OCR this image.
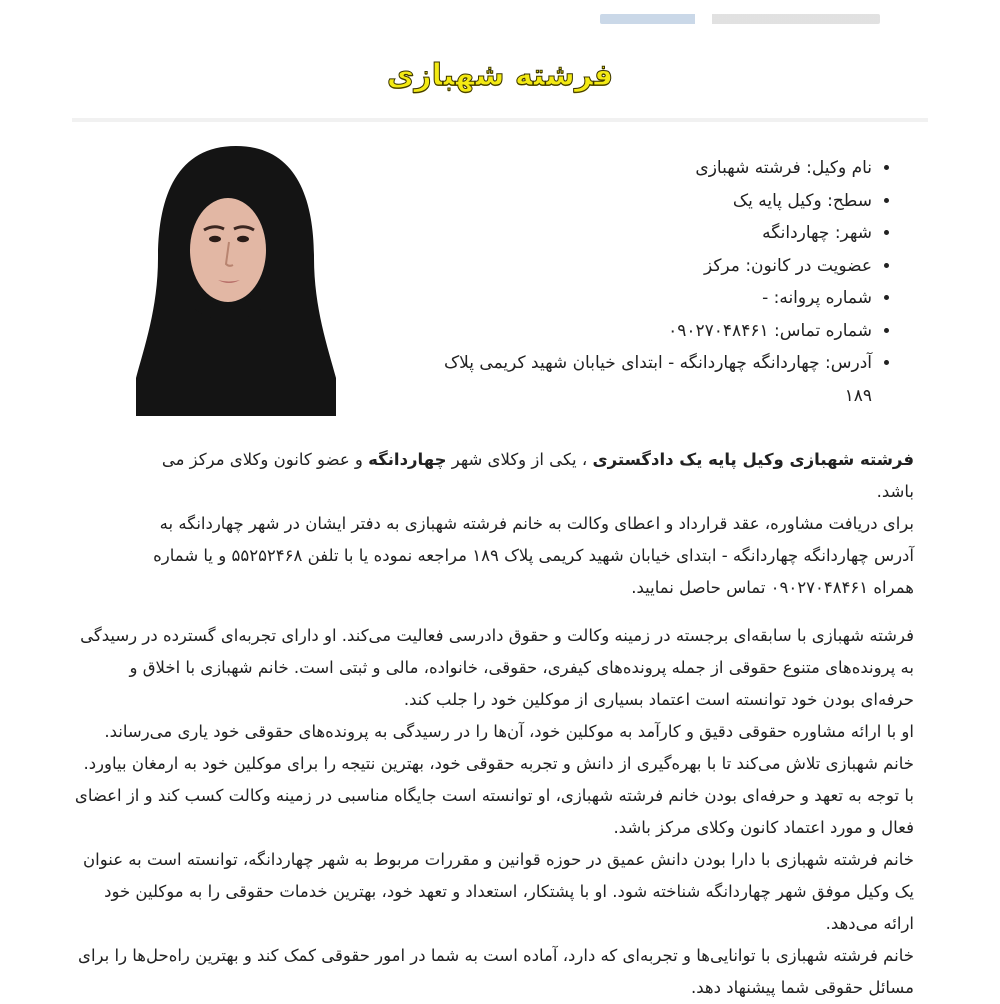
فرشته شهبازی
• نام وکیل: فرشته شهبازی
• سطح: وکیل پایه یک
• شهر: چهاردانگه
• عضویت در کانون: مرکز
• شماره پروانه: -
• شماره تماس: ۰۹۰۲۷۰۴۸۴۶۱
• آدرس: چهاردانگه چهاردانگه - ابتدای خیابان شهید کریمی پلاک ۱۸۹

فرشته شهبازی وکیل پایه یک دادگستری ، یکی از وکلای شهر چهاردانگه و عضو کانون وکلای مرکز می باشد.
برای دریافت مشاوره، عقد قرارداد و اعطای وکالت به خانم فرشته شهبازی به دفتر ایشان در شهر چهاردانگه به آدرس چهاردانگه چهاردانگه - ابتدای خیابان شهید کریمی پلاک ۱۸۹ مراجعه نموده یا با تلفن ۵۵۲۵۲۴۶۸ و یا شماره همراه ۰۹۰۲۷۰۴۸۴۶۱ تماس حاصل نمایید.

فرشته شهبازی با سابقه‌ای برجسته در زمینه وکالت و حقوق دادرسی فعالیت می‌کند. او دارای تجربه‌ای گسترده در رسیدگی به پرونده‌های متنوع حقوقی از جمله پرونده‌های کیفری، حقوقی، خانواده، مالی و ثبتی است. خانم شهبازی با اخلاق و حرفه‌ای بودن خود توانسته است اعتماد بسیاری از موکلین خود را جلب کند.

او با ارائه مشاوره حقوقی دقیق و کارآمد به موکلین خود، آن‌ها را در رسیدگی به پرونده‌های حقوقی خود یاری می‌رساند. خانم شهبازی تلاش می‌کند تا با بهره‌گیری از دانش و تجربه حقوقی خود، بهترین نتیجه را برای موکلین خود به ارمغان بیاورد.

با توجه به تعهد و حرفه‌ای بودن خانم فرشته شهبازی، او توانسته است جایگاه مناسبی در زمینه وکالت کسب کند و از اعضای فعال و مورد اعتماد کانون وکلای مرکز باشد.

خانم فرشته شهبازی با دارا بودن دانش عمیق در حوزه قوانین و مقررات مربوط به شهر چهاردانگه، توانسته است به عنوان یک وکیل موفق شهر چهاردانگه شناخته شود. او با پشتکار، استعداد و تعهد خود، بهترین خدمات حقوقی را به موکلین خود ارائه می‌دهد.

خانم فرشته شهبازی با توانایی‌ها و تجربه‌ای که دارد، آماده است به شما در امور حقوقی کمک کند و بهترین راه‌حل‌ها را برای مسائل حقوقی شما پیشنهاد دهد.
